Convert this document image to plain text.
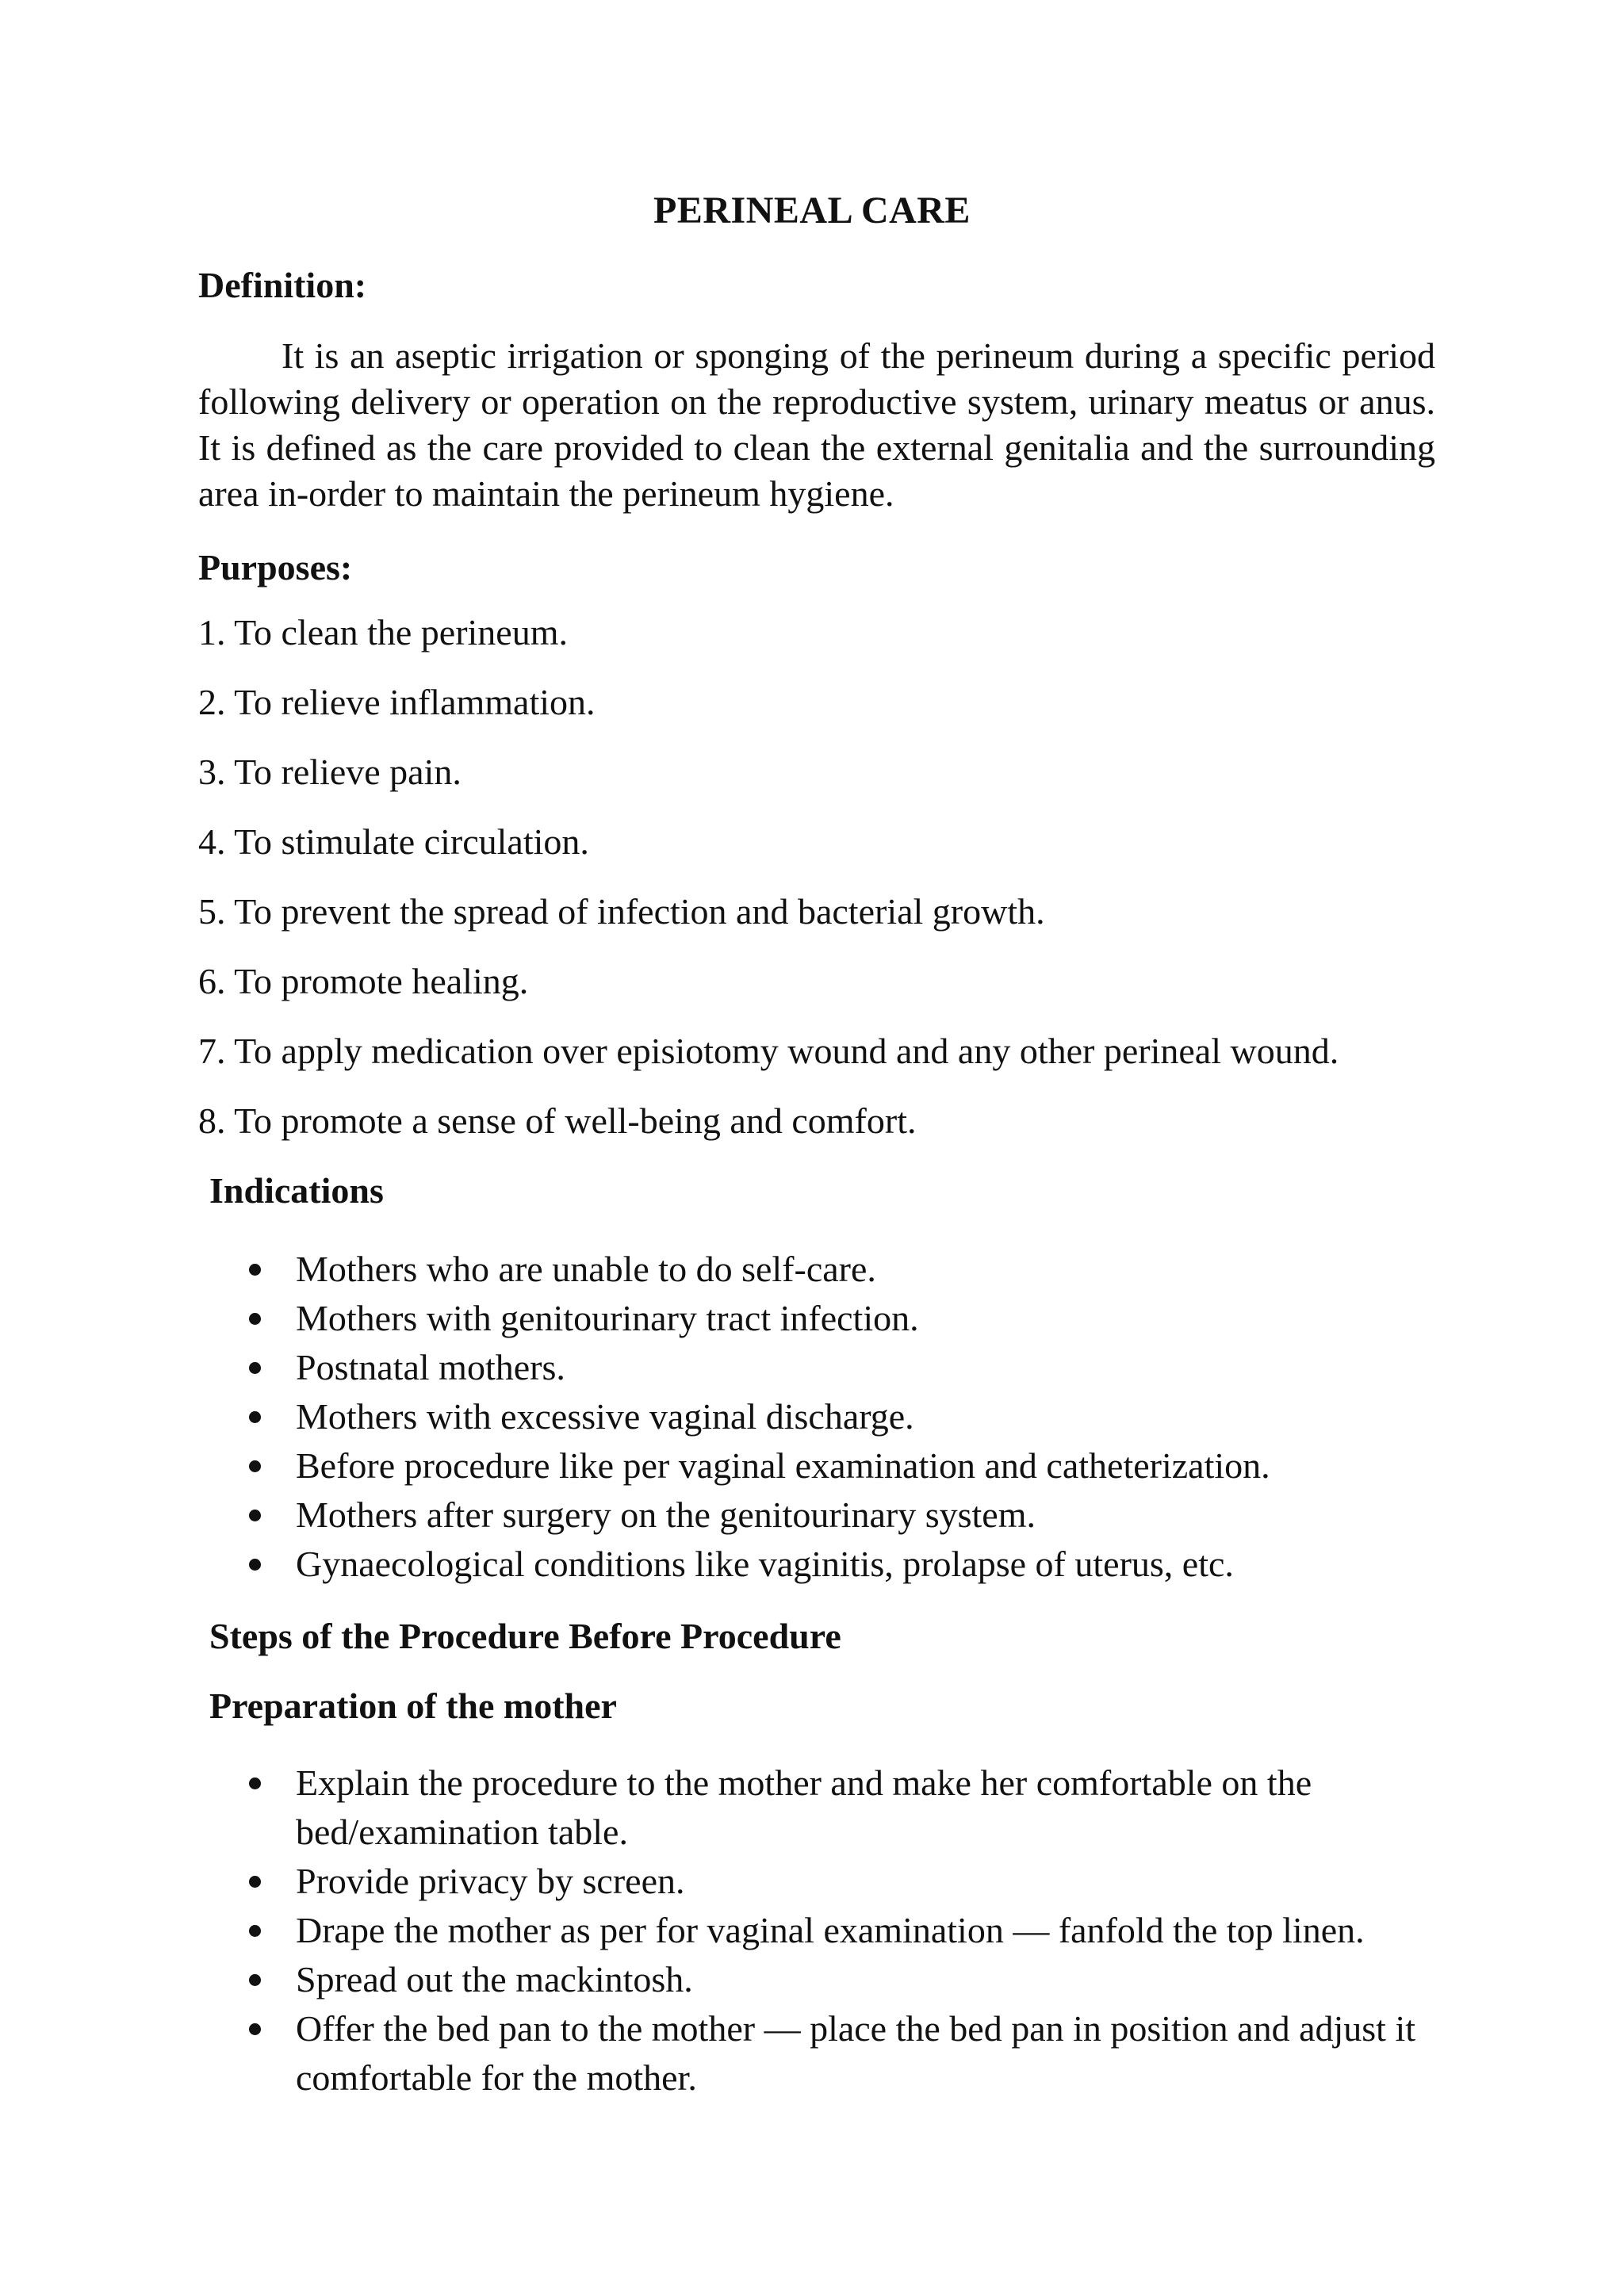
PERINEAL CARE
Definition:
It is an aseptic irrigation or sponging of the perineum during a specific period following delivery or operation on the reproductive system, urinary meatus or anus. It is defined as the care provided to clean the external genitalia and the surrounding area in-order to maintain the perineum hygiene.
Purposes:
1. To clean the perineum.
2. To relieve inflammation.
3. To relieve pain.
4. To stimulate circulation.
5. To prevent the spread of infection and bacterial growth.
6. To promote healing.
7. To apply medication over episiotomy wound and any other perineal wound.
8. To promote a sense of well-being and comfort.
Indications
Mothers who are unable to do self-care.
Mothers with genitourinary tract infection.
Postnatal mothers.
Mothers with excessive vaginal discharge.
Before procedure like per vaginal examination and catheterization.
Mothers after surgery on the genitourinary system.
Gynaecological conditions like vaginitis, prolapse of uterus, etc.
Steps of the Procedure Before Procedure
Preparation of the mother
Explain the procedure to the mother and make her comfortable on the bed/examination table.
Provide privacy by screen.
Drape the mother as per for vaginal examination — fanfold the top linen.
Spread out the mackintosh.
Offer the bed pan to the mother — place the bed pan in position and adjust it comfortable for the mother.
